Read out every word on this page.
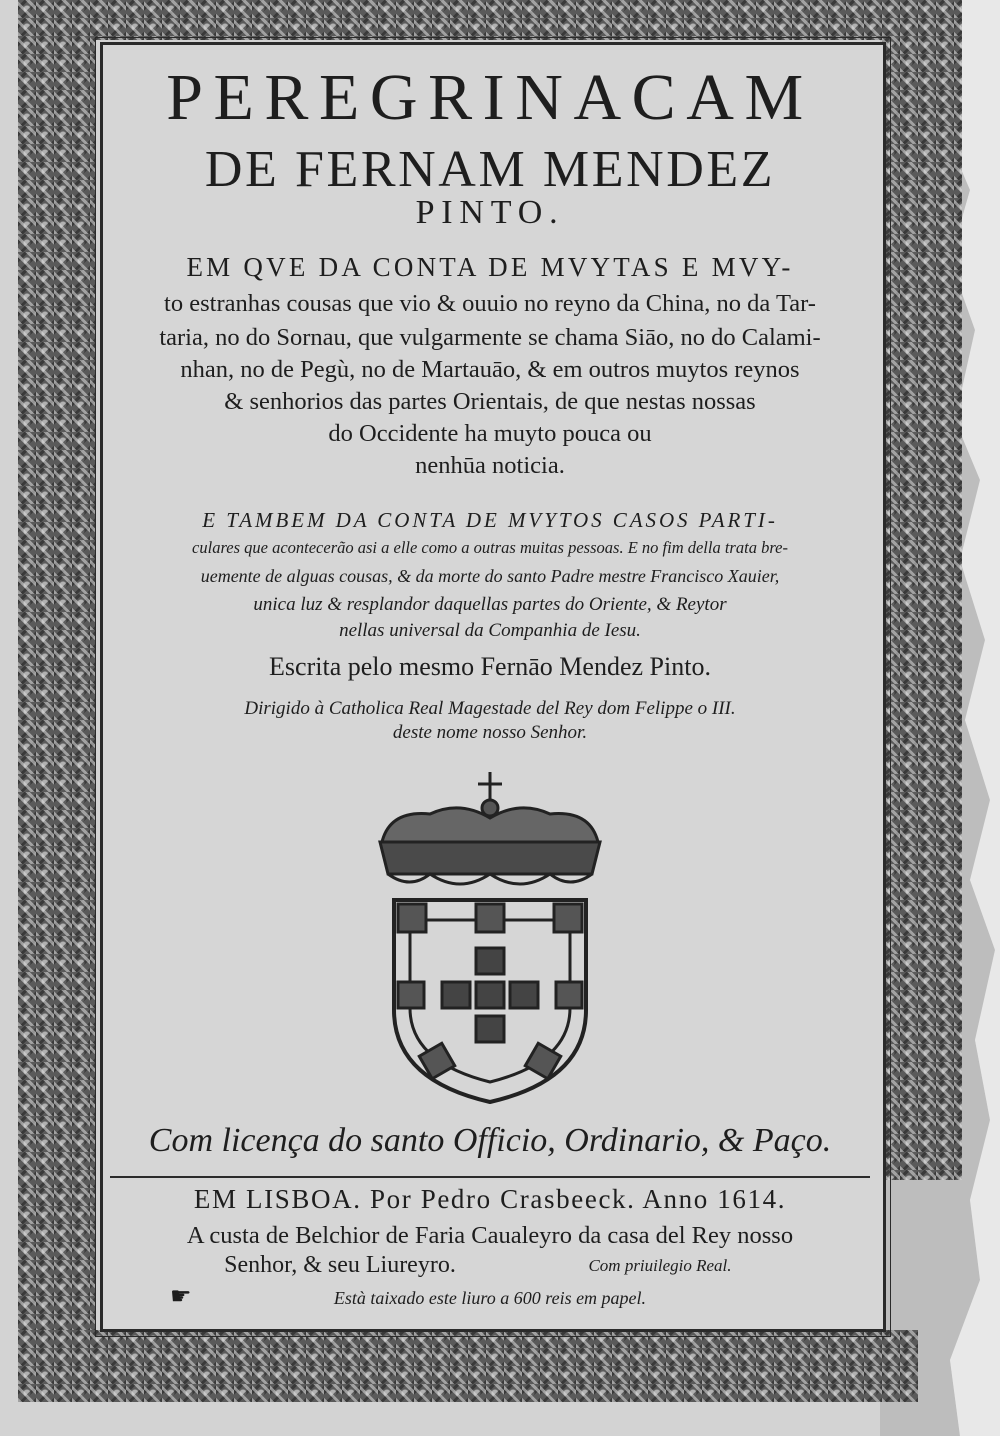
PEREGRINACAM
DE FERNAM MENDEZ
PINTO.
EM QVE DA CONTA DE MVYTAS E MVY-
to estranhas cousas que vio & ouuio no reyno da China, no da Tar-
taria, no do Sornau, que vulgarmente se chama Siāo, no do Calami-
nhan, no de Pegù, no de Martauāo, & em outros muytos reynos
& senhorios das partes Orientais, de que nestas nossas
do Occidente ha muyto pouca ou
nenhūa noticia.
E TAMBEM DA CONTA DE MVYTOS CASOS PARTI-
culares que acontecerão asi a elle como a outras muitas pessoas. E no fim della trata bre-
uemente de alguas cousas, & da morte do santo Padre mestre Francisco Xauier,
unica luz & resplandor daquellas partes do Oriente, & Reytor
nellas universal da Companhia de Iesu.
Escrita pelo mesmo Fernāo Mendez Pinto.
Dirigido à Catholica Real Magestade del Rey dom Felippe o III.
deste nome nosso Senhor.
Com licença do santo Officio, Ordinario, & Paço.
EM LISBOA. Por Pedro Crasbeeck. Anno 1614.
A custa de Belchior de Faria Caualeyro da casa del Rey nosso
Senhor, & seu Liureyro.	Com priuilegio Real.
☛	Està taixado este liuro a 600 reis em papel.
